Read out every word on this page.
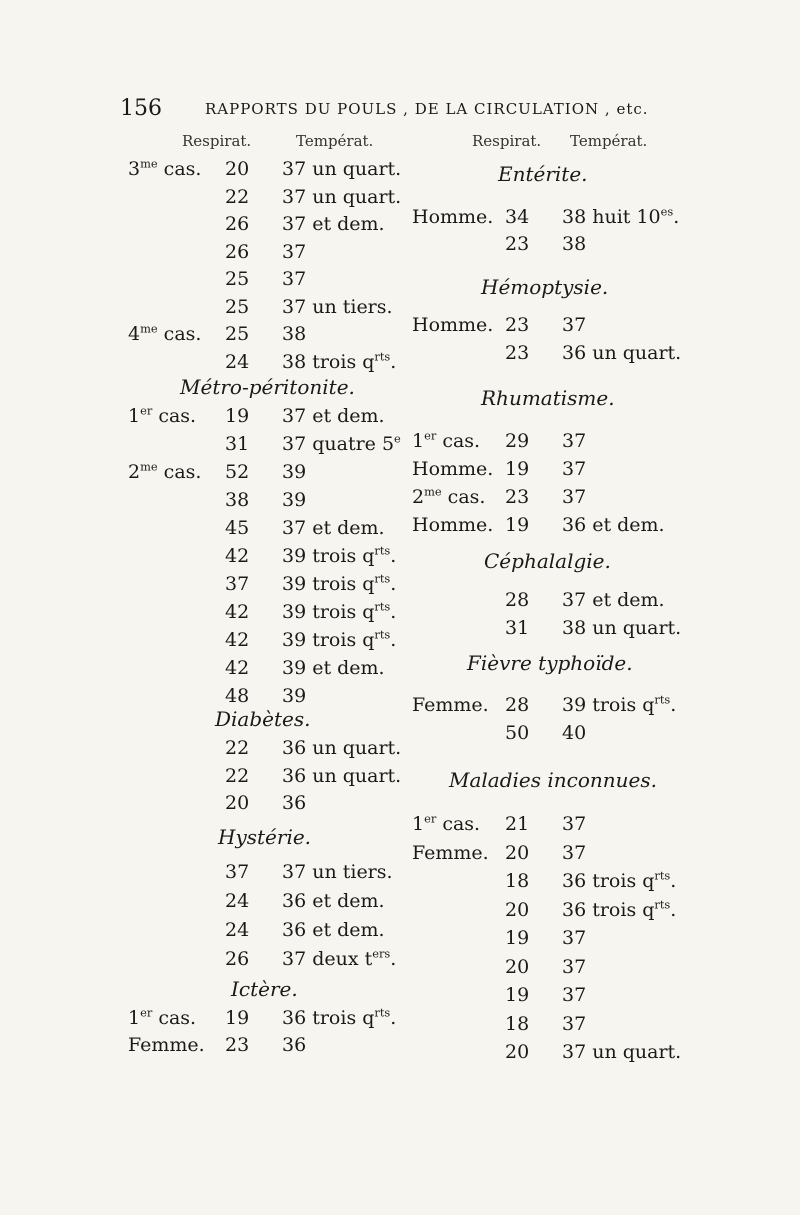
156	RAPPORTS DU POULS , DE LA CIRCULATION , etc.
Respirat.	Températ.	Respirat. Températ.
$3^{me}$ cas. 20 37 un quart.
22 37 un quart.
26 37 et dem.
26 37
25 37
25 37 un tiers.
$4^{me}$ cas. 25 38
24 38 trois $q^{rts}$.
Métro-péritonite.
1er cas. 19 37 et dem.
31 37 quatre 5e
$2^{me}$ cas. 52 39
38 39
45 37 et dem.
42 39 trois $q^{rts}$.
37 39 trois $q^{rts}$.
42 39 trois $q^{rts}$.
42 39 trois $q^{rts}$.
42 39 et dem.
48 39
Diabètes.
22 36 un quart.
22 36 un quart.
20 36
Hystérie.
37 37 un tiers.
24 36 et dem.
24 36 et dem.
26 37 deux $t^{ers}$.
Ictère.
1er cas. 19 36 trois $q^{rts}$.
Femme. 23 36
Entérite.
Homme. 34 38 huit $10^{es}$.
23 38
Hémoptysie.
Homme. 23 37
23 36 un quart.
Rhumatisme.
1er cas. 29 37
Homme. 19 37
$2^{me}$ cas. 23 37
Homme. 19 36 et dem.
Céphalalgie.
28 37 et dem.
31 38 un quart.
Fièvre typhoïde.
Femme. 28 39 trois $q^{rts}$.
50 40
Maladies inconnues.
1er cas. 21 37
Femme. 20 37
18 36 trois $q^{rts}$.
20 36 trois $q^{rts}$.
19 37
20 37
19 37
18 37
20 37 un quart.
